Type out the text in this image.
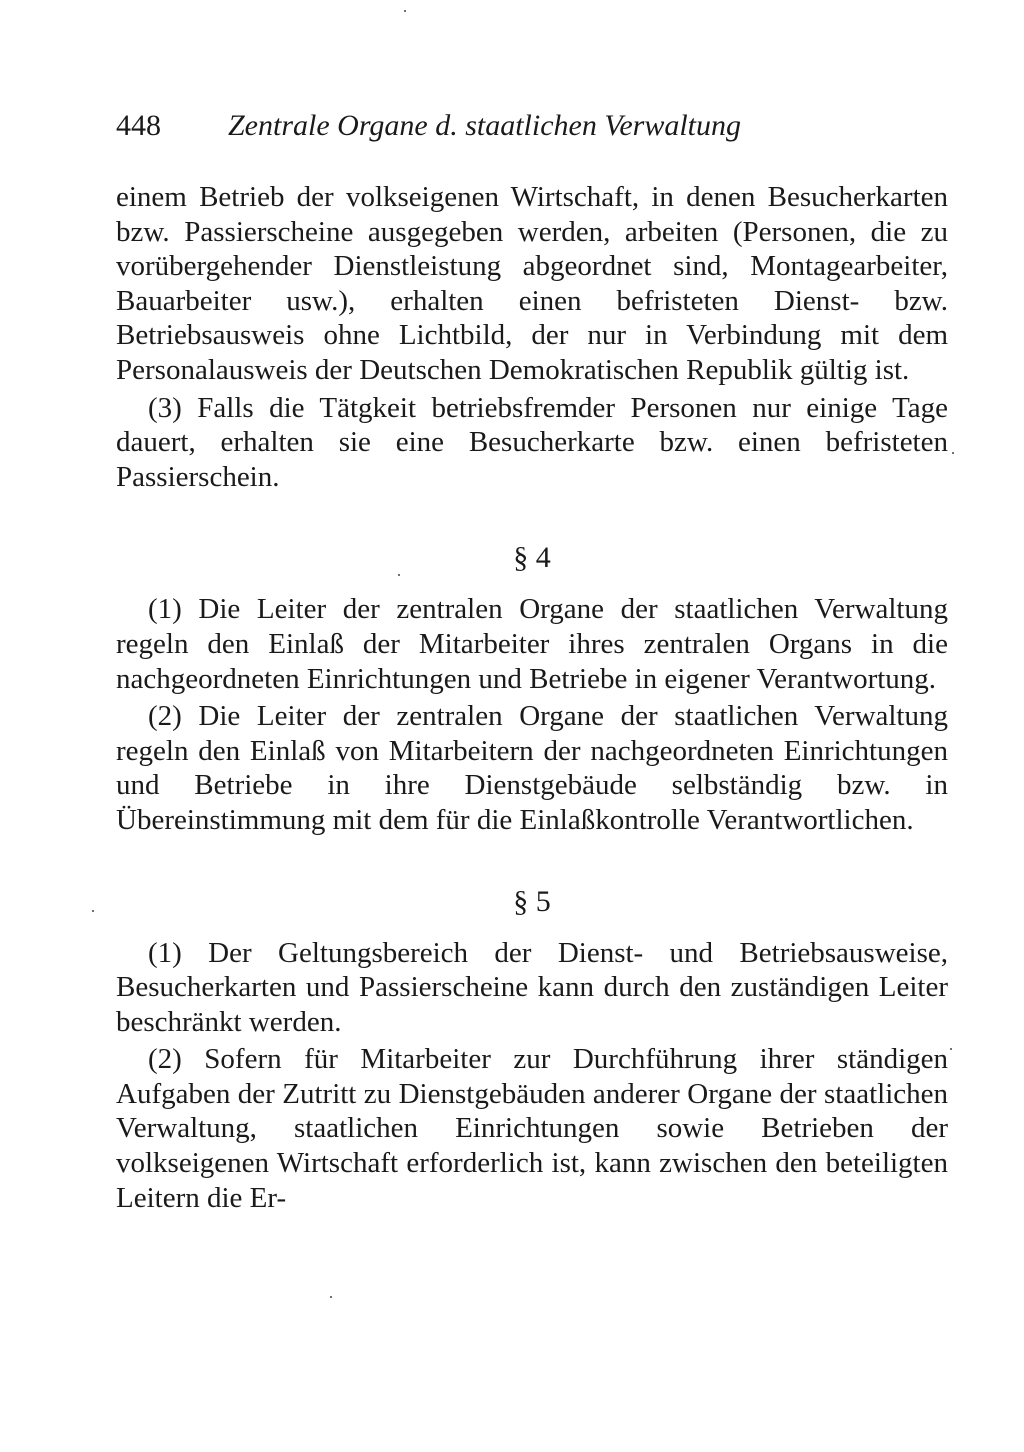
448 Zentrale Organe d. staatlichen Verwaltung

einem Betrieb der volkseigenen Wirtschaft, in denen Besucherkarten bzw. Passierscheine ausgegeben werden, arbeiten (Personen, die zu vorübergehender Dienstleistung abgeordnet sind, Montagearbeiter, Bauarbeiter usw.), erhalten einen befristeten Dienst- bzw. Betriebsausweis ohne Lichtbild, der nur in Verbindung mit dem Personalausweis der Deutschen Demokratischen Republik gültig ist.

(3) Falls die Tätgkeit betriebsfremder Personen nur einige Tage dauert, erhalten sie eine Besucherkarte bzw. einen befristeten Passierschein.

§ 4

(1) Die Leiter der zentralen Organe der staatlichen Verwaltung regeln den Einlaß der Mitarbeiter ihres zentralen Organs in die nachgeordneten Einrichtungen und Betriebe in eigener Verantwortung.

(2) Die Leiter der zentralen Organe der staatlichen Verwaltung regeln den Einlaß von Mitarbeitern der nachgeordneten Einrichtungen und Betriebe in ihre Dienstgebäude selbständig bzw. in Übereinstimmung mit dem für die Einlaßkontrolle Verantwortlichen.

§ 5

(1) Der Geltungsbereich der Dienst- und Betriebsausweise, Besucherkarten und Passierscheine kann durch den zuständigen Leiter beschränkt werden.

(2) Sofern für Mitarbeiter zur Durchführung ihrer ständigen Aufgaben der Zutritt zu Dienstgebäuden anderer Organe der staatlichen Verwaltung, staatlichen Einrichtungen sowie Betrieben der volkseigenen Wirtschaft erforderlich ist, kann zwischen den beteiligten Leitern die Er-
